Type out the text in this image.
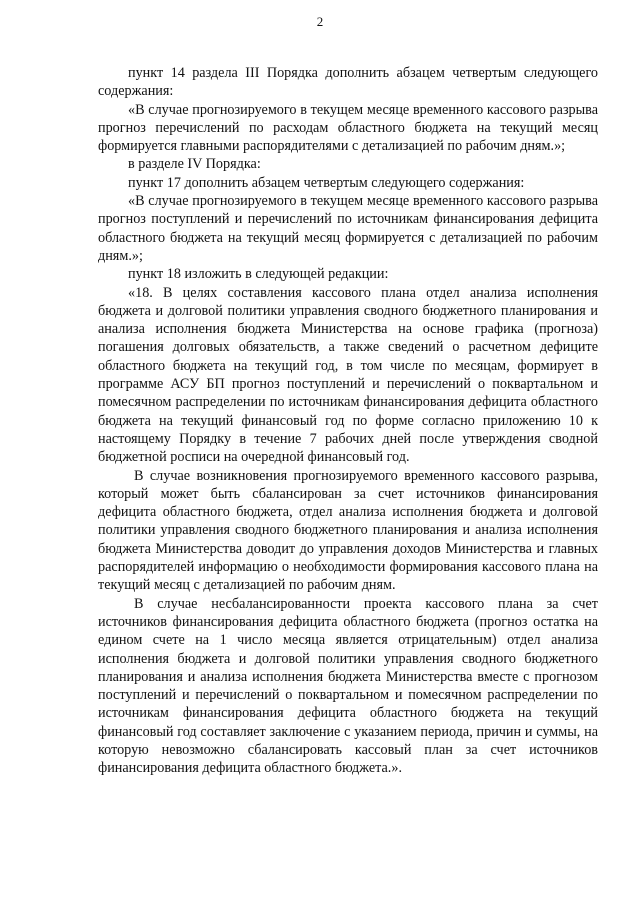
2

пункт 14 раздела III Порядка дополнить абзацем четвертым следующего содержания:

«В случае прогнозируемого в текущем месяце временного кассового разрыва прогноз перечислений по расходам областного бюджета на текущий месяц формируется главными распорядителями с детализацией по рабочим дням.»;

в разделе IV Порядка:

пункт 17 дополнить абзацем четвертым следующего содержания:

«В случае прогнозируемого в текущем месяце временного кассового разрыва прогноз поступлений и перечислений по источникам финансирования дефицита областного бюджета на текущий месяц формируется с детализацией по рабочим дням.»;

пункт 18 изложить в следующей редакции:

«18. В целях составления кассового плана отдел анализа исполнения бюджета и долговой политики управления сводного бюджетного планирования и анализа исполнения бюджета Министерства на основе графика (прогноза) погашения долговых обязательств, а также сведений о расчетном дефиците областного бюджета на текущий год, в том числе по месяцам, формирует в программе АСУ БП прогноз поступлений и перечислений о поквартальном и помесячном распределении по источникам финансирования дефицита областного бюджета на текущий финансовый год по форме согласно приложению 10 к настоящему Порядку в течение 7 рабочих дней после утверждения сводной бюджетной росписи на очередной финансовый год.

В случае возникновения прогнозируемого временного кассового разрыва, который может быть сбалансирован за счет источников финансирования дефицита областного бюджета, отдел анализа исполнения бюджета и долговой политики управления сводного бюджетного планирования и анализа исполнения бюджета Министерства доводит до управления доходов Министерства и главных распорядителей информацию о необходимости формирования кассового плана на текущий месяц с детализацией по рабочим дням.

В случае несбалансированности проекта кассового плана за счет источников финансирования дефицита областного бюджета (прогноз остатка на едином счете на 1 число месяца является отрицательным) отдел анализа исполнения бюджета и долговой политики управления сводного бюджетного планирования и анализа исполнения бюджета Министерства вместе с прогнозом поступлений и перечислений о поквартальном и помесячном распределении по источникам финансирования дефицита областного бюджета на текущий финансовый год составляет заключение с указанием периода, причин и суммы, на которую невозможно сбалансировать кассовый план за счет источников финансирования дефицита областного бюджета.».
